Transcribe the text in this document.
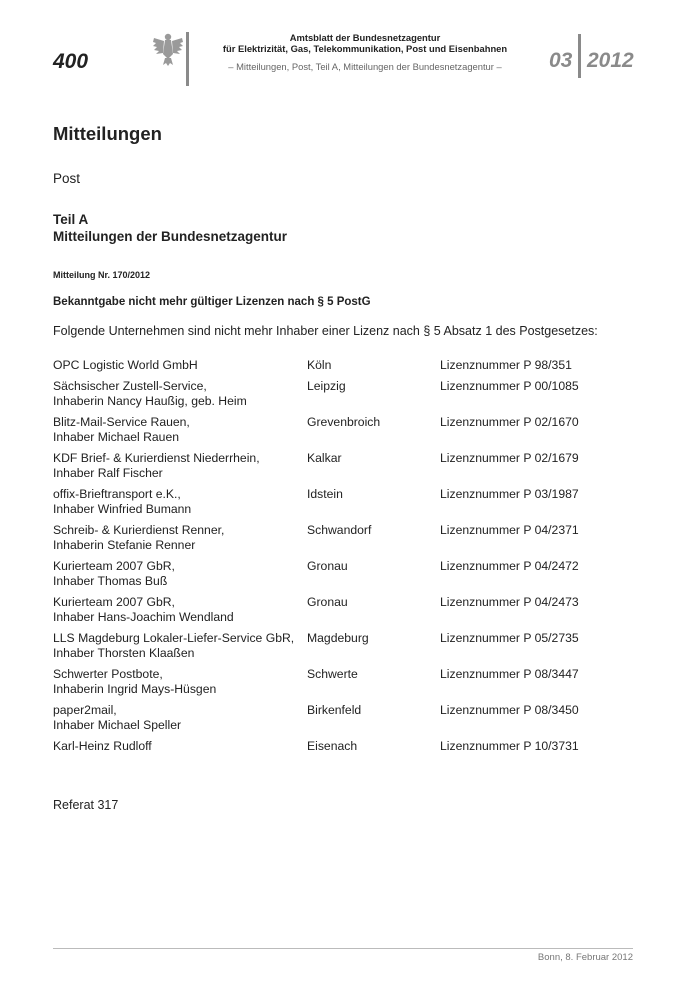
400
Amtsblatt der Bundesnetzagentur
für Elektrizität, Gas, Telekommunikation, Post und Eisenbahnen
– Mitteilungen, Post, Teil A, Mitteilungen der Bundesnetzagentur –	03 2012
Mitteilungen
Post
Teil A
Mitteilungen der Bundesnetzagentur
Mitteilung Nr. 170/2012
Bekanntgabe nicht mehr gültiger Lizenzen nach § 5 PostG
Folgende Unternehmen sind nicht mehr Inhaber einer Lizenz nach § 5 Absatz 1 des Postgesetzes:
OPC Logistic World GmbH	Köln	Lizenznummer P 98/351

Sächsischer Zustell-Service,
Inhaberin Nancy Haußig, geb. Heim	Leipzig	Lizenznummer P 00/1085

Blitz-Mail-Service Rauen,
Inhaber Michael Rauen	Grevenbroich	Lizenznummer P 02/1670

KDF Brief- & Kurierdienst Niederrhein,
Inhaber Ralf Fischer	Kalkar	Lizenznummer P 02/1679

offix-Brieftransport e.K.,
Inhaber Winfried Bumann	Idstein	Lizenznummer P 03/1987

Schreib- & Kurierdienst Renner,
Inhaberin Stefanie Renner	Schwandorf	Lizenznummer P 04/2371

Kurierteam 2007 GbR,
Inhaber Thomas Buß	Gronau	Lizenznummer P 04/2472

Kurierteam 2007 GbR,
Inhaber Hans-Joachim Wendland	Gronau	Lizenznummer P 04/2473

LLS Magdeburg Lokaler-Liefer-Service GbR,
Inhaber Thorsten Klaaßen	Magdeburg	Lizenznummer P 05/2735

Schwerter Postbote,
Inhaberin Ingrid Mays-Hüsgen	Schwerte	Lizenznummer P 08/3447

paper2mail,
Inhaber Michael Speller	Birkenfeld	Lizenznummer P 08/3450

Karl-Heinz Rudloff	Eisenach	Lizenznummer P 10/3731
Referat 317
Bonn, 8. Februar 2012
